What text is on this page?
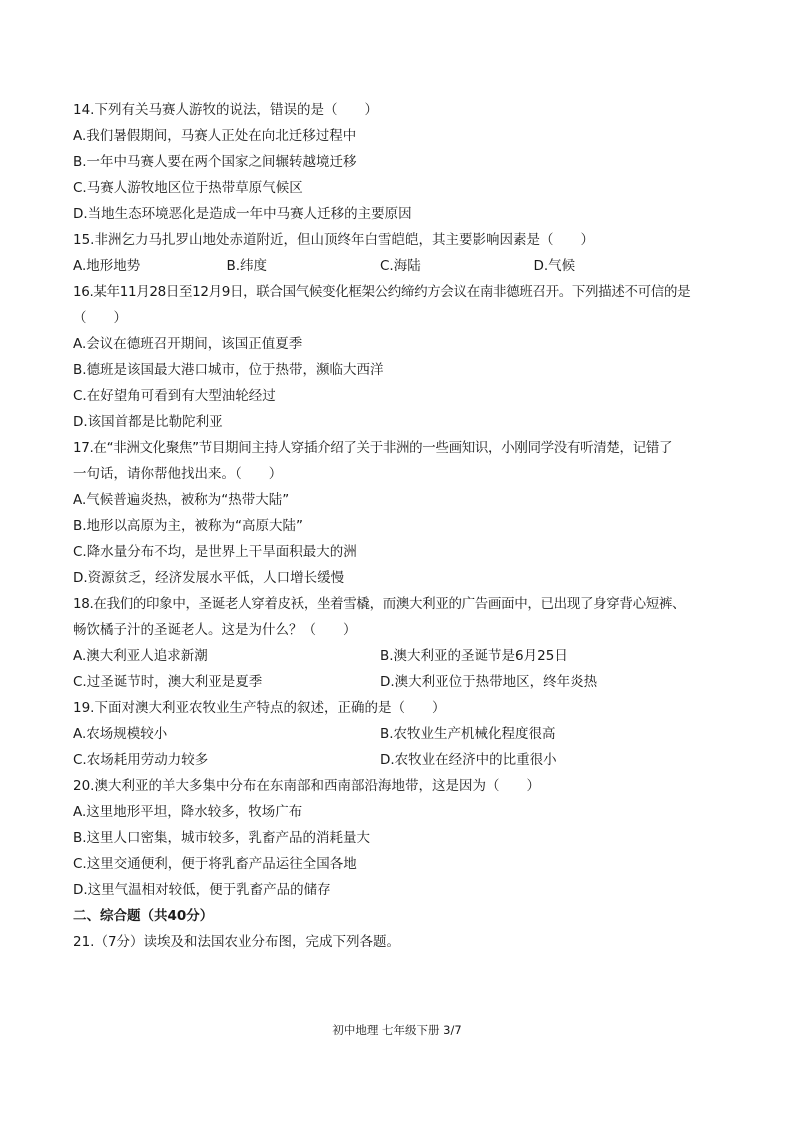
14.下列有关马赛人游牧的说法，错误的是（　　）
A.我们暑假期间，马赛人正处在向北迁移过程中
B.一年中马赛人要在两个国家之间辗转越境迁移
C.马赛人游牧地区位于热带草原气候区
D.当地生态环境恶化是造成一年中马赛人迁移的主要原因
15.非洲乞力马扎罗山地处赤道附近，但山顶终年白雪皑皑，其主要影响因素是（　　）
A.地形地势	B.纬度	C.海陆	D.气候
16.某年11月28日至12月9日，联合国气候变化框架公约缔约方会议在南非德班召开。下列描述不可信的是
（　　）
A.会议在德班召开期间，该国正值夏季
B.德班是该国最大港口城市，位于热带，濒临大西洋
C.在好望角可看到有大型油轮经过
D.该国首都是比勒陀利亚
17.在“非洲文化聚焦”节目期间主持人穿插介绍了关于非洲的一些画知识，小刚同学没有听清楚，记错了
一句话，请你帮他找出来。（　　）
A.气候普遍炎热，被称为“热带大陆”
B.地形以高原为主，被称为“高原大陆”
C.降水量分布不均，是世界上干旱面积最大的洲
D.资源贫乏，经济发展水平低，人口增长缓慢
18.在我们的印象中，圣诞老人穿着皮袄，坐着雪橇，而澳大利亚的广告画面中，已出现了身穿背心短裤、
畅饮橘子汁的圣诞老人。这是为什么？（　　）
A.澳大利亚人追求新潮	B.澳大利亚的圣诞节是6月25日
C.过圣诞节时，澳大利亚是夏季	D.澳大利亚位于热带地区，终年炎热
19.下面对澳大利亚农牧业生产特点的叙述，正确的是（　　）
A.农场规模较小	B.农牧业生产机械化程度很高
C.农场耗用劳动力较多	D.农牧业在经济中的比重很小
20.澳大利亚的羊大多集中分布在东南部和西南部沿海地带，这是因为（　　）
A.这里地形平坦，降水较多，牧场广布
B.这里人口密集，城市较多，乳畜产品的消耗量大
C.这里交通便利，便于将乳畜产品运往全国各地
D.这里气温相对较低，便于乳畜产品的储存
二、综合题（共40分）
21.（7分）读埃及和法国农业分布图，完成下列各题。
初中地理 七年级下册 3/7
